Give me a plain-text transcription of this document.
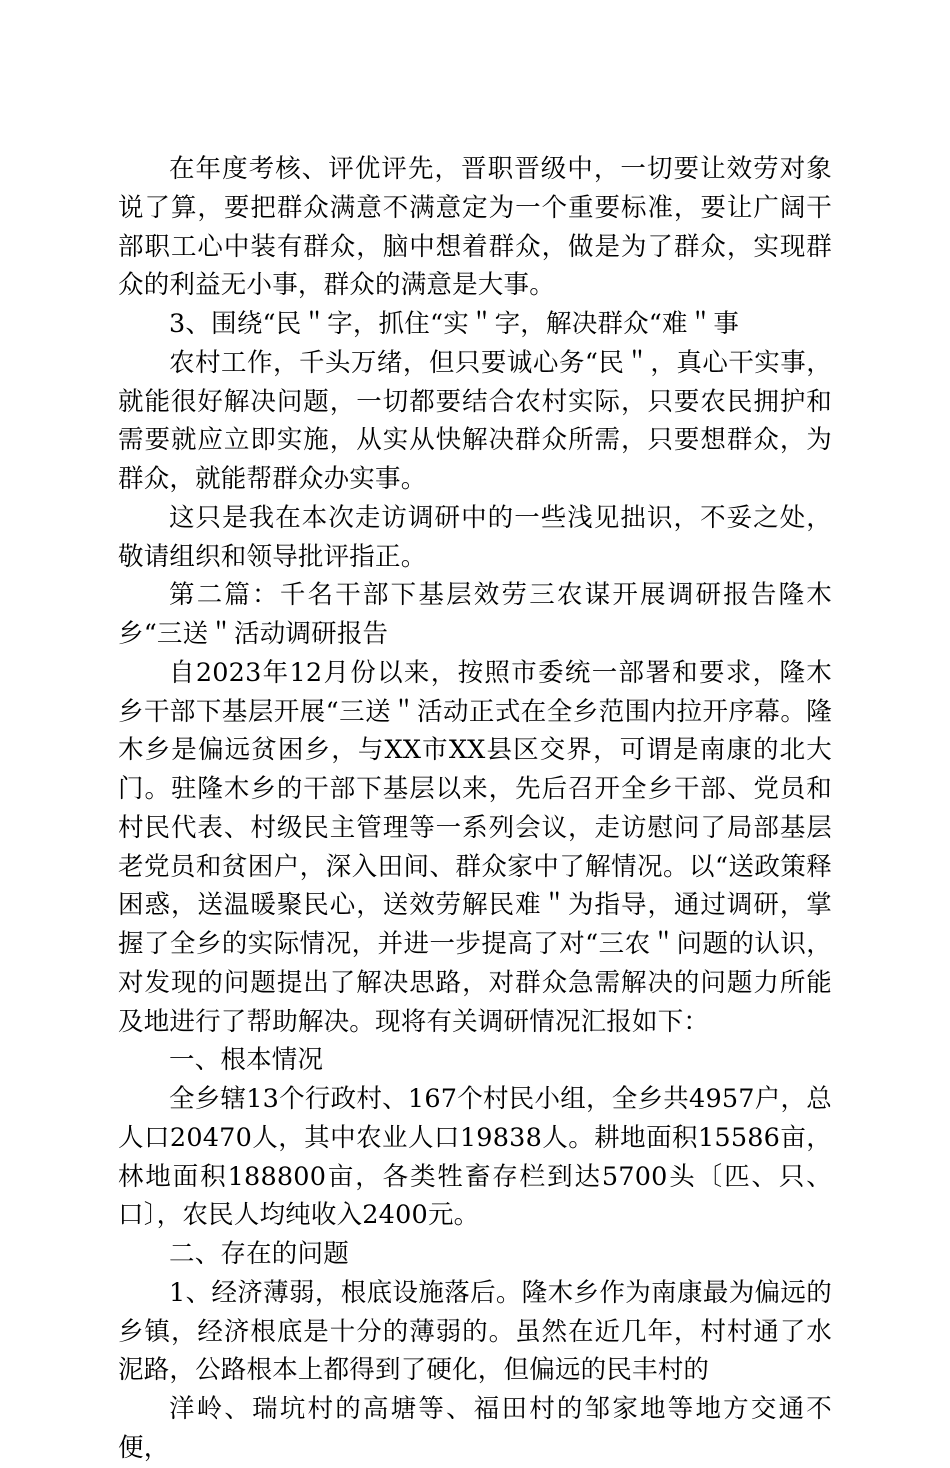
在年度考核、评优评先，晋职晋级中，一切要让效劳对象说了算，要把群众满意不满意定为一个重要标准，要让广阔干部职工心中装有群众，脑中想着群众，做是为了群众，实现群众的利益无小事，群众的满意是大事。

3、围绕“民＂字，抓住“实＂字，解决群众“难＂事

农村工作，千头万绪，但只要诚心务“民＂，真心干实事，就能很好解决问题，一切都要结合农村实际，只要农民拥护和需要就应立即实施，从实从快解决群众所需，只要想群众，为群众，就能帮群众办实事。

这只是我在本次走访调研中的一些浅见拙识，不妥之处，敬请组织和领导批评指正。

第二篇：千名干部下基层效劳三农谋开展调研报告隆木乡“三送＂活动调研报告

自2023年12月份以来，按照市委统一部署和要求，隆木乡干部下基层开展“三送＂活动正式在全乡范围内拉开序幕。隆木乡是偏远贫困乡，与XX市XX县区交界，可谓是南康的北大门。驻隆木乡的干部下基层以来，先后召开全乡干部、党员和村民代表、村级民主管理等一系列会议，走访慰问了局部基层老党员和贫困户，深入田间、群众家中了解情况。以“送政策释困惑，送温暖聚民心，送效劳解民难＂为指导，通过调研，掌握了全乡的实际情况，并进一步提高了对“三农＂问题的认识，对发现的问题提出了解决思路，对群众急需解决的问题力所能及地进行了帮助解决。现将有关调研情况汇报如下：

一、根本情况

全乡辖13个行政村、167个村民小组，全乡共4957户，总人口20470人，其中农业人口19838人。耕地面积15586亩，林地面积188800亩，各类牲畜存栏到达5700头〔匹、只、口〕，农民人均纯收入2400元。

二、存在的问题

1、经济薄弱，根底设施落后。隆木乡作为南康最为偏远的乡镇，经济根底是十分的薄弱的。虽然在近几年，村村通了水泥路，公路根本上都得到了硬化，但偏远的民丰村的

洋岭、瑞坑村的高塘等、福田村的邹家地等地方交通不便，
